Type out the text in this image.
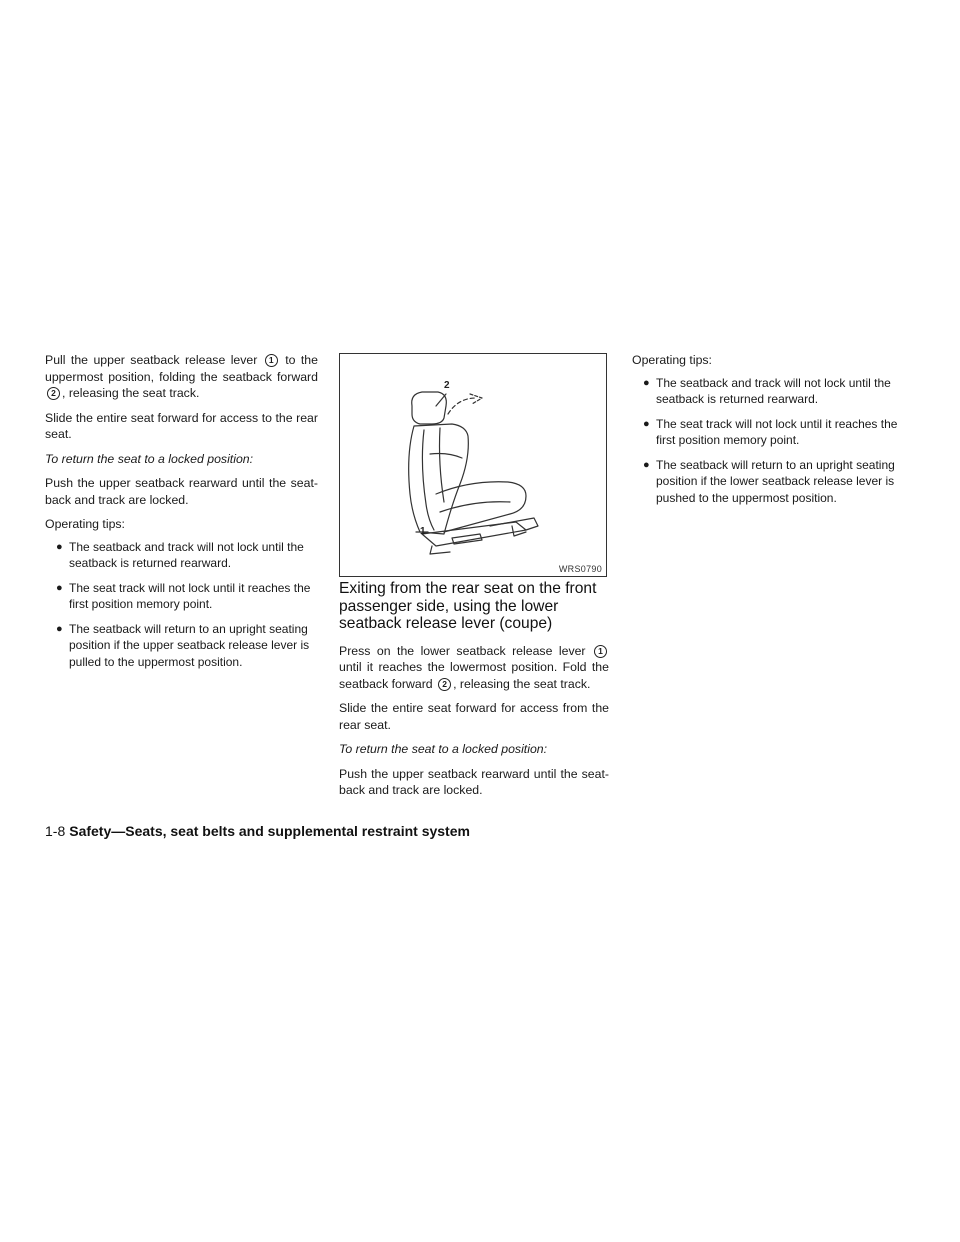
Pull the upper seatback release lever 1 to the uppermost position, folding the seatback forward 2 , releasing the seat track.

Slide the entire seat forward for access to the rear seat.

To return the seat to a locked position:

Push the upper seatback rearward until the seat-back and track are locked.

Operating tips:

● The seatback and track will not lock until the seatback is returned rearward.
● The seat track will not lock until it reaches the first position memory point.
● The seatback will return to an upright seating position if the upper seatback release lever is pulled to the uppermost position.
2
1
WRS0790
Exiting from the rear seat on the front passenger side, using the lower seatback release lever (coupe)

Press on the lower seatback release lever 1 until it reaches the lowermost position. Fold the seatback forward 2 , releasing the seat track.

Slide the entire seat forward for access from the rear seat.

To return the seat to a locked position:

Push the upper seatback rearward until the seat-back and track are locked.

Operating tips:

● The seatback and track will not lock until the seatback is returned rearward.
● The seat track will not lock until it reaches the first position memory point.
● The seatback will return to an upright seating position if the lower seatback release lever is pushed to the uppermost position.
1-8 Safety—Seats, seat belts and supplemental restraint system
